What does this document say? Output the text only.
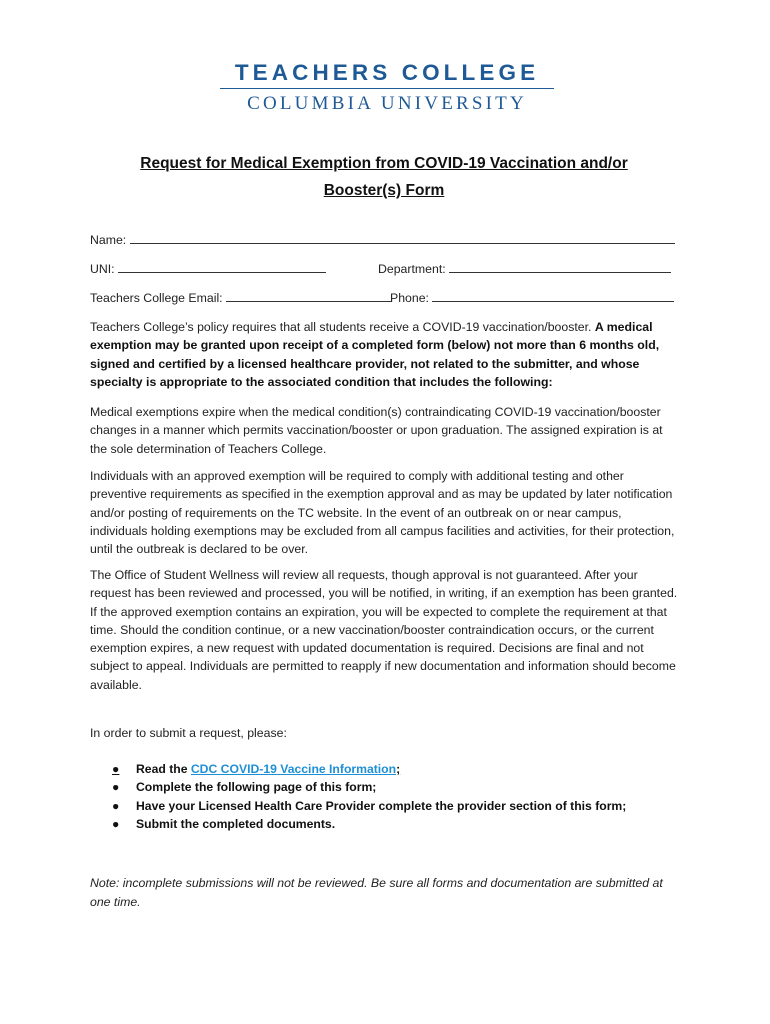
TEACHERS COLLEGE
COLUMBIA UNIVERSITY
Request for Medical Exemption from COVID-19 Vaccination and/or
Booster(s) Form
Name:
UNI:	Department:
Teachers College Email:	Phone:
Teachers College’s policy requires that all students receive a COVID-19 vaccination/booster. A medical exemption may be granted upon receipt of a completed form (below) not more than 6 months old, signed and certified by a licensed healthcare provider, not related to the submitter, and whose specialty is appropriate to the associated condition that includes the following:
Medical exemptions expire when the medical condition(s) contraindicating COVID-19 vaccination/booster changes in a manner which permits vaccination/booster or upon graduation. The assigned expiration is at the sole determination of Teachers College.
Individuals with an approved exemption will be required to comply with additional testing and other preventive requirements as specified in the exemption approval and as may be updated by later notification and/or posting of requirements on the TC website. In the event of an outbreak on or near campus, individuals holding exemptions may be excluded from all campus facilities and activities, for their protection, until the outbreak is declared to be over.
The Office of Student Wellness will review all requests, though approval is not guaranteed. After your request has been reviewed and processed, you will be notified, in writing, if an exemption has been granted. If the approved exemption contains an expiration, you will be expected to complete the requirement at that time. Should the condition continue, or a new vaccination/booster contraindication occurs, or the current exemption expires, a new request with updated documentation is required. Decisions are final and not subject to appeal. Individuals are permitted to reapply if new documentation and information should become available.
In order to submit a request, please:
● Read the CDC COVID-19 Vaccine Information;
● Complete the following page of this form;
● Have your Licensed Health Care Provider complete the provider section of this form;
● Submit the completed documents.
Note: incomplete submissions will not be reviewed. Be sure all forms and documentation are submitted at one time.
